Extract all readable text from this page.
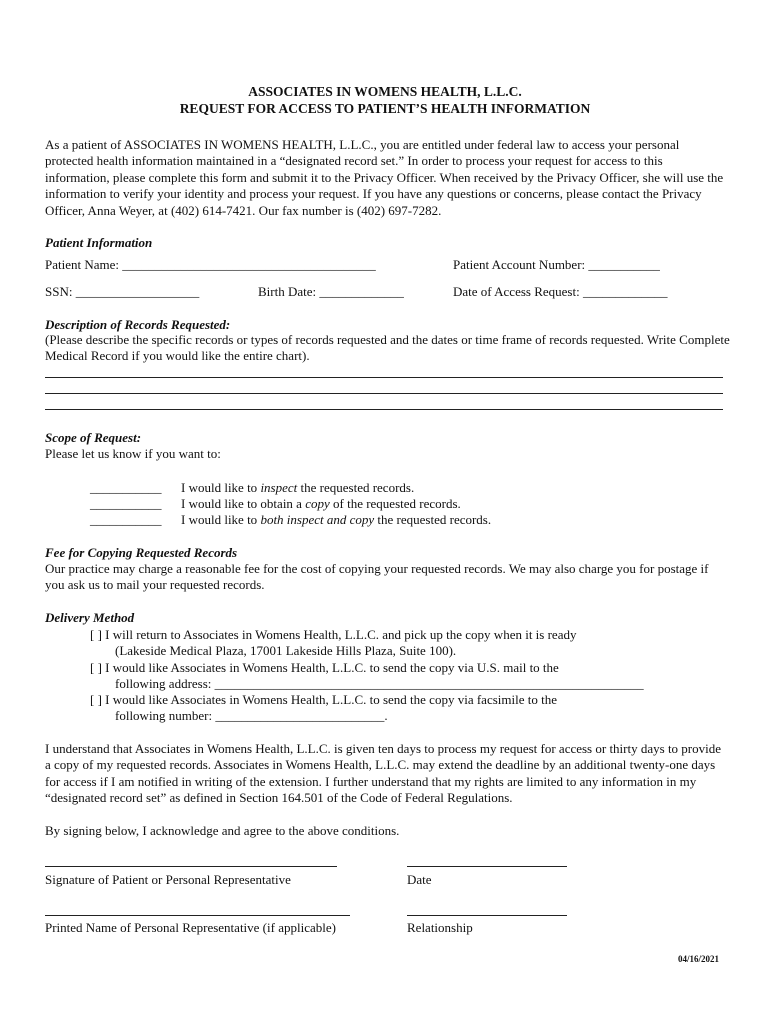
ASSOCIATES IN WOMENS HEALTH, L.L.C.
REQUEST FOR ACCESS TO PATIENT’S HEALTH INFORMATION
As a patient of ASSOCIATES IN WOMENS HEALTH, L.L.C., you are entitled under federal law to access your personal protected health information maintained in a “designated record set.” In order to process your request for access to this information, please complete this form and submit it to the Privacy Officer. When received by the Privacy Officer, she will use the information to verify your identity and process your request. If you have any questions or concerns, please contact the Privacy Officer, Anna Weyer, at (402) 614-7421. Our fax number is (402) 697-7282.
Patient Information
Patient Name: _______________________________________	Patient Account Number: ___________
SSN: ___________________	Birth Date: _____________	Date of Access Request: _____________
Description of Records Requested:
(Please describe the specific records or types of records requested and the dates or time frame of records requested. Write Complete Medical Record if you would like the entire chart).
Scope of Request:
Please let us know if you want to:
___________ I would like to inspect the requested records.
___________ I would like to obtain a copy of the requested records.
___________ I would like to both inspect and copy the requested records.
Fee for Copying Requested Records
Our practice may charge a reasonable fee for the cost of copying your requested records. We may also charge you for postage if you ask us to mail your requested records.
Delivery Method
[ ] I will return to Associates in Womens Health, L.L.C. and pick up the copy when it is ready
(Lakeside Medical Plaza, 17001 Lakeside Hills Plaza, Suite 100).
[ ] I would like Associates in Womens Health, L.L.C. to send the copy via U.S. mail to the
following address: __________________________________________________________________
[ ] I would like Associates in Womens Health, L.L.C. to send the copy via facsimile to the
following number: __________________________.
I understand that Associates in Womens Health, L.L.C. is given ten days to process my request for access or thirty days to provide a copy of my requested records. Associates in Womens Health, L.L.C. may extend the deadline by an additional twenty-one days for access if I am notified in writing of the extension. I further understand that my rights are limited to any information in my “designated record set” as defined in Section 164.501 of the Code of Federal Regulations.
By signing below, I acknowledge and agree to the above conditions.
Signature of Patient or Personal Representative	Date
Printed Name of Personal Representative (if applicable)	Relationship
04/16/2021
